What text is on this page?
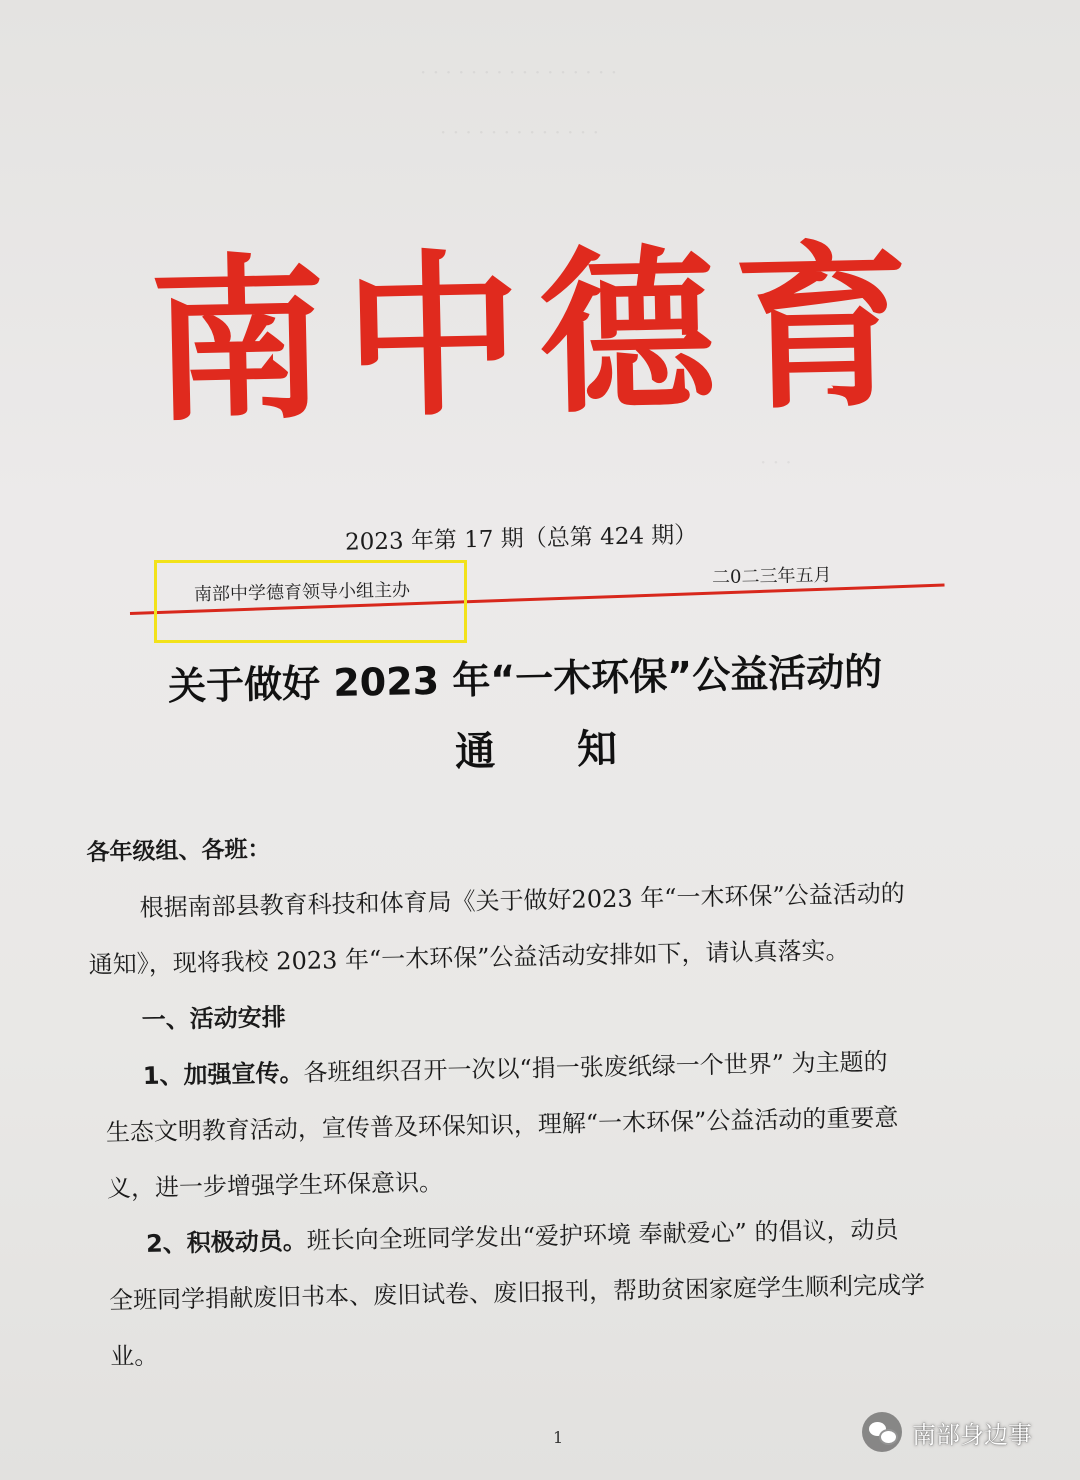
· · · · · · · · · · · · · · · ·
· · · · · · · · · · · · ·
· · ·
南 中 德 育
2023 年第 17 期（总第 424 期）
南部中学德育领导小组主办
二0二三年五月
关于做好 2023 年“一木环保”公益活动的
通知
各年级组、各班：
根据南部县教育科技和体育局《关于做好2023 年“一木环保”公益活动的
通知》，现将我校 2023 年“一木环保”公益活动安排如下，请认真落实。
一、活动安排
1、加强宣传。各班组织召开一次以“捐一张废纸绿一个世界” 为主题的
生态文明教育活动，宣传普及环保知识，理解“一木环保”公益活动的重要意
义，进一步增强学生环保意识。
2、积极动员。班长向全班同学发出“爱护环境 奉献爱心” 的倡议，动员
全班同学捐献废旧书本、废旧试卷、废旧报刊，帮助贫困家庭学生顺利完成学
业。
1	南部身边事
